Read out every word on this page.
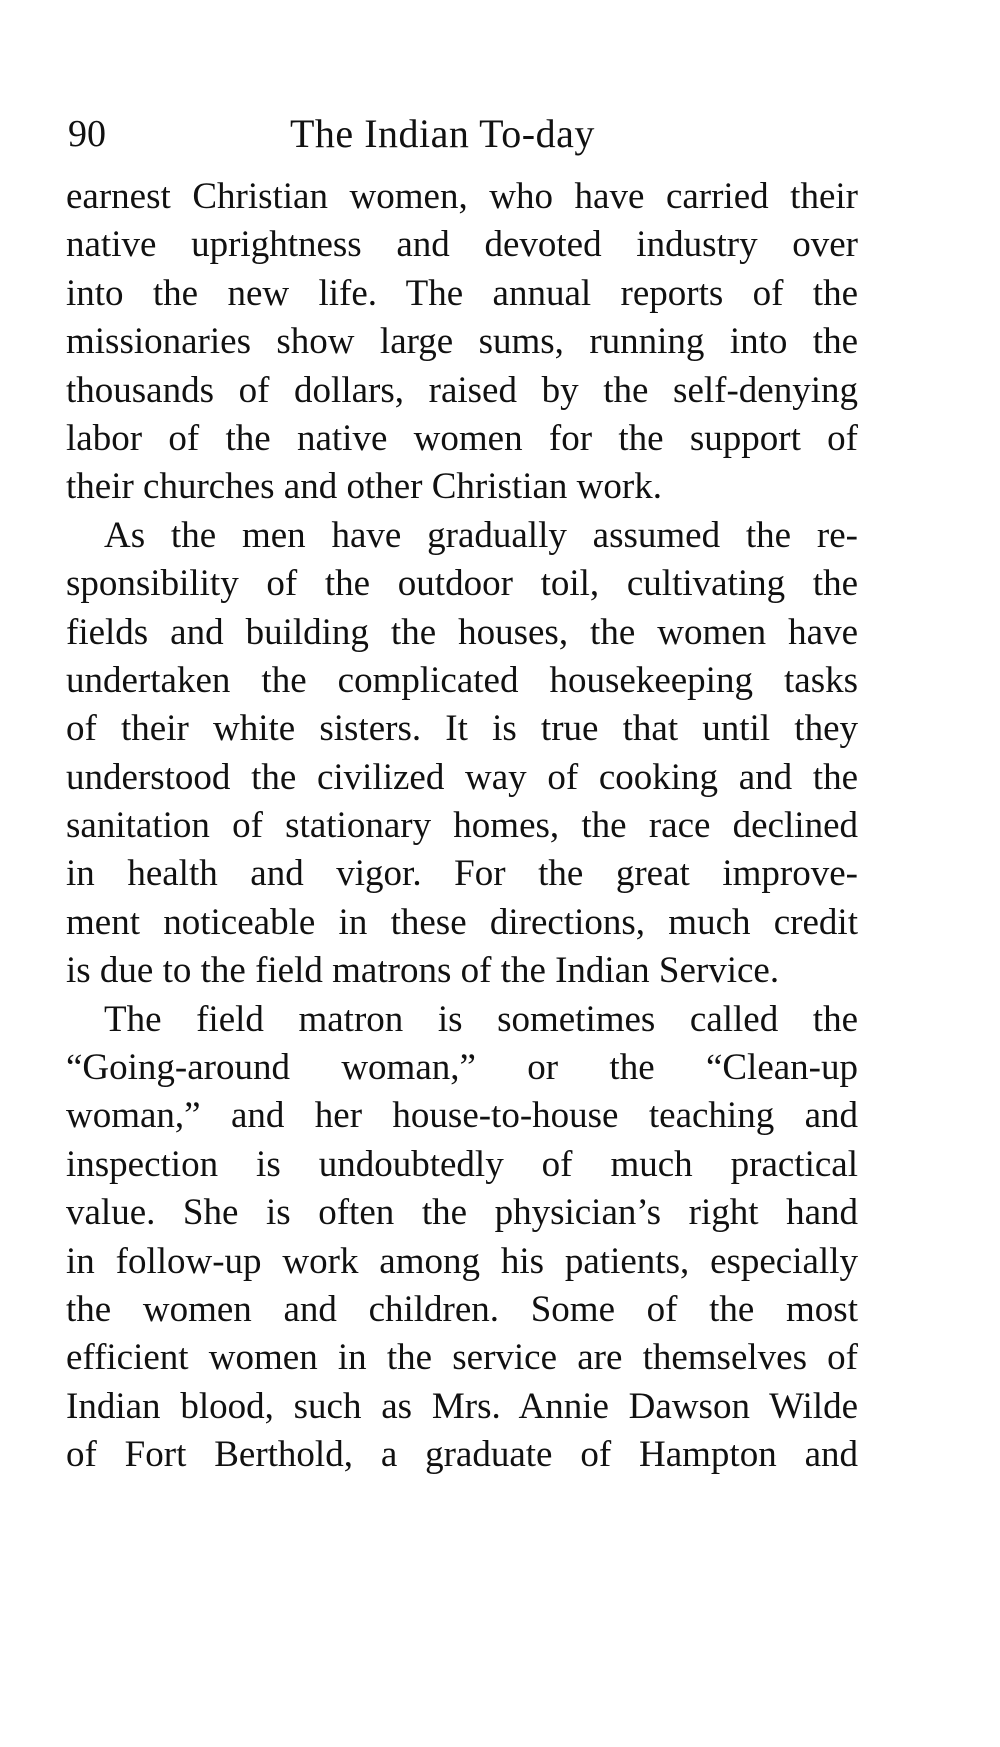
90	The Indian To-day
earnest Christian women, who have carried their
native uprightness and devoted industry over
into the new life. The annual reports of the
missionaries show large sums, running into the
thousands of dollars, raised by the self-denying
labor of the native women for the support of
their churches and other Christian work.
As the men have gradually assumed the re-
sponsibility of the outdoor toil, cultivating the
fields and building the houses, the women have
undertaken the complicated housekeeping tasks
of their white sisters. It is true that until they
understood the civilized way of cooking and the
sanitation of stationary homes, the race declined
in health and vigor. For the great improve-
ment noticeable in these directions, much credit
is due to the field matrons of the Indian Service.
The field matron is sometimes called the
“Going-around woman,” or the “Clean-up
woman,” and her house-to-house teaching and
inspection is undoubtedly of much practical
value. She is often the physician’s right hand
in follow-up work among his patients, especially
the women and children. Some of the most
efficient women in the service are themselves of
Indian blood, such as Mrs. Annie Dawson Wilde
of Fort Berthold, a graduate of Hampton and
